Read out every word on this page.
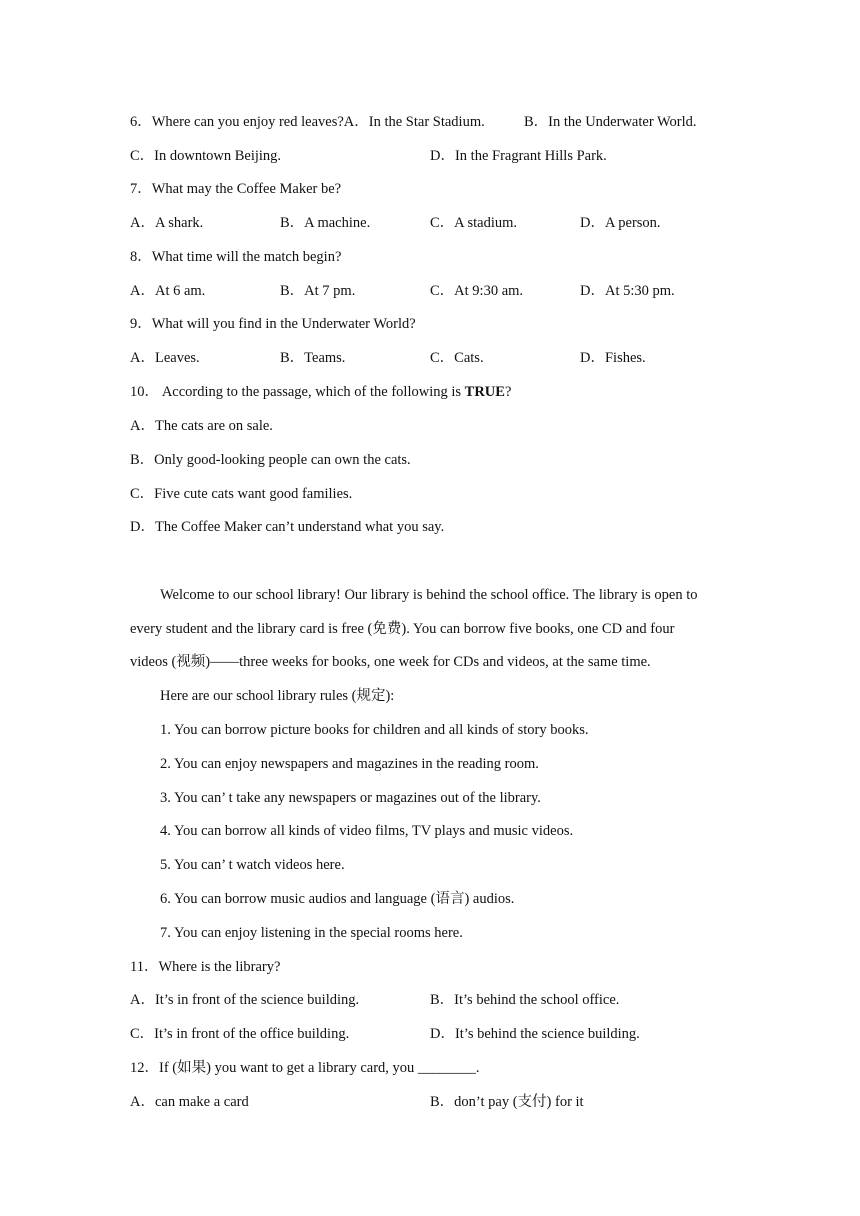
6．Where can you enjoy red leaves?A．In the Star Stadium.	B．In the Underwater World.
C．In downtown Beijing.	D．In the Fragrant Hills Park.
7．What may the Coffee Maker be?
A．A shark.	B．A machine.	C．A stadium.	D．A person.
8．What time will the match begin?
A．At 6 am.	B．At 7 pm.	C．At 9:30 am.	D．At 5:30 pm.
9．What will you find in the Underwater World?
A．Leaves.	B．Teams.	C．Cats.	D．Fishes.
10． According to the passage, which of the following is TRUE?
A．The cats are on sale.
B．Only good-looking people can own the cats.
C．Five cute cats want good families.
D．The Coffee Maker can’t understand what you say.
Welcome to our school library! Our library is behind the school office. The library is open to
every student and the library card is free (免费). You can borrow five books, one CD and four
videos (视频)——three weeks for books, one week for CDs and videos, at the same time.
Here are our school library rules (规定):
1. You can borrow picture books for children and all kinds of story books.
2. You can enjoy newspapers and magazines in the reading room.
3. You can’ t take any newspapers or magazines out of the library.
4. You can borrow all kinds of video films, TV plays and music videos.
5. You can’ t watch videos here.
6. You can borrow music audios and language (语言) audios.
7. You can enjoy listening in the special rooms here.
11．Where is the library?
A．It’s in front of the science building.	B．It’s behind the school office.
C．It’s in front of the office building.	D．It’s behind the science building.
12．If (如果) you want to get a library card, you ________.
A．can make a card	B．don’t pay (支付) for it
